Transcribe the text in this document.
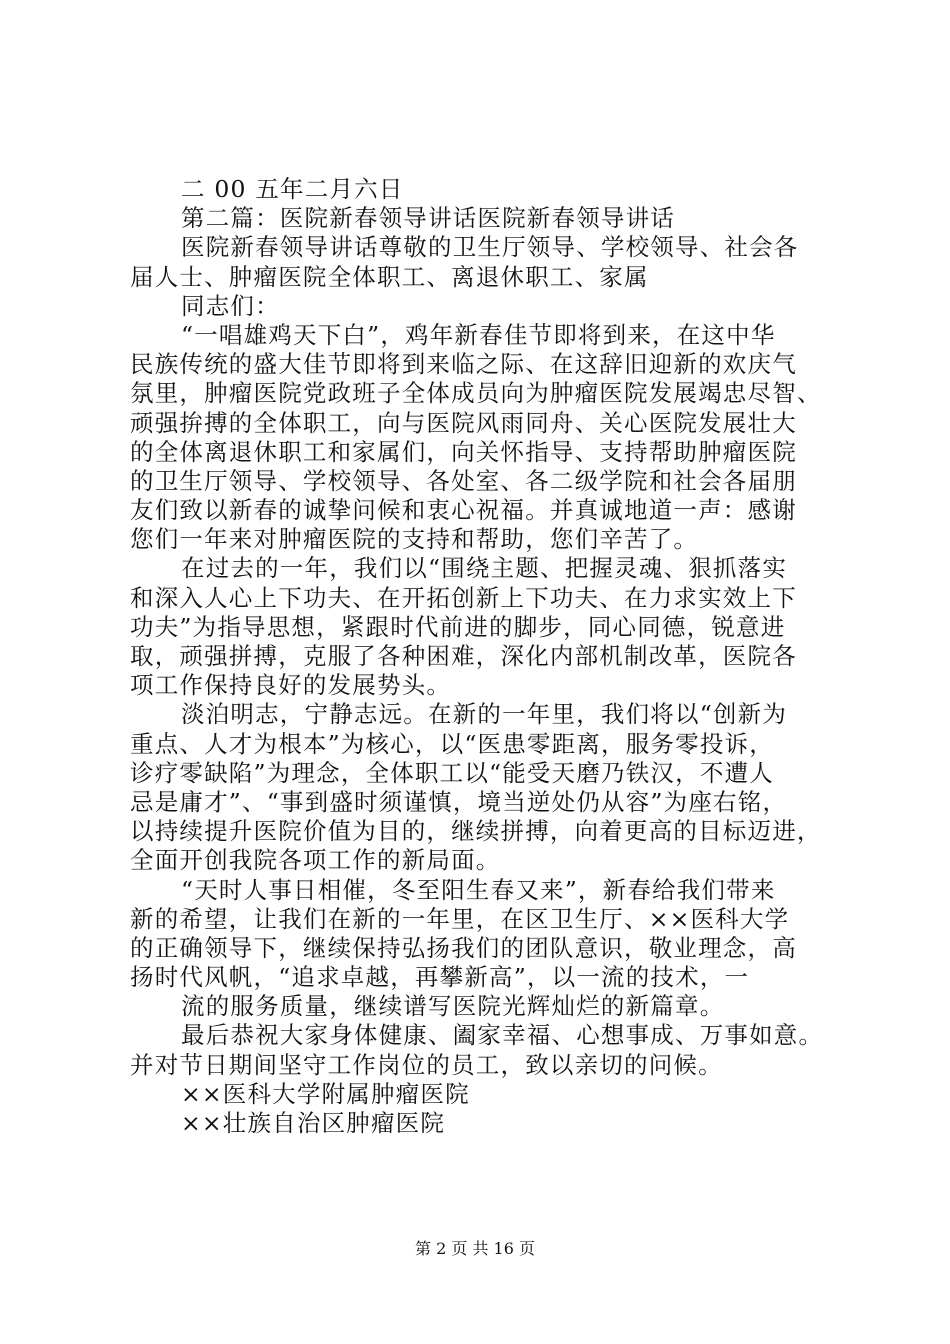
二 00 五年二月六日
第二篇：医院新春领导讲话医院新春领导讲话
医院新春领导讲话尊敬的卫生厅领导、学校领导、社会各
届人士、肿瘤医院全体职工、离退休职工、家属
同志们：
“一唱雄鸡天下白”，鸡年新春佳节即将到来，在这中华
民族传统的盛大佳节即将到来临之际、在这辞旧迎新的欢庆气
氛里，肿瘤医院党政班子全体成员向为肿瘤医院发展竭忠尽智、
顽强拚搏的全体职工，向与医院风雨同舟、关心医院发展壮大
的全体离退休职工和家属们，向关怀指导、支持帮助肿瘤医院
的卫生厅领导、学校领导、各处室、各二级学院和社会各届朋
友们致以新春的诚挚问候和衷心祝福。并真诚地道一声：感谢
您们一年来对肿瘤医院的支持和帮助，您们辛苦了。
在过去的一年，我们以“围绕主题、把握灵魂、狠抓落实
和深入人心上下功夫、在开拓创新上下功夫、在力求实效上下
功夫”为指导思想，紧跟时代前进的脚步，同心同德，锐意进
取，顽强拼搏，克服了各种困难，深化内部机制改革，医院各
项工作保持良好的发展势头。
淡泊明志，宁静志远。在新的一年里，我们将以“创新为
重点、人才为根本”为核心，以“医患零距离，服务零投诉，
诊疗零缺陷”为理念，全体职工以“能受天磨乃铁汉，不遭人
忌是庸才”、“事到盛时须谨慎，境当逆处仍从容”为座右铭，
以持续提升医院价值为目的，继续拼搏，向着更高的目标迈进，
全面开创我院各项工作的新局面。
“天时人事日相催，冬至阳生春又来”，新春给我们带来
新的希望，让我们在新的一年里，在区卫生厅、××医科大学
的正确领导下，继续保持弘扬我们的团队意识，敬业理念，高
扬时代风帆，“追求卓越，再攀新高”，以一流的技术，一
流的服务质量，继续谱写医院光辉灿烂的新篇章。
最后恭祝大家身体健康、阖家幸福、心想事成、万事如意。
并对节日期间坚守工作岗位的员工，致以亲切的问候。
××医科大学附属肿瘤医院
××壮族自治区肿瘤医院
第 2 页 共 16 页
